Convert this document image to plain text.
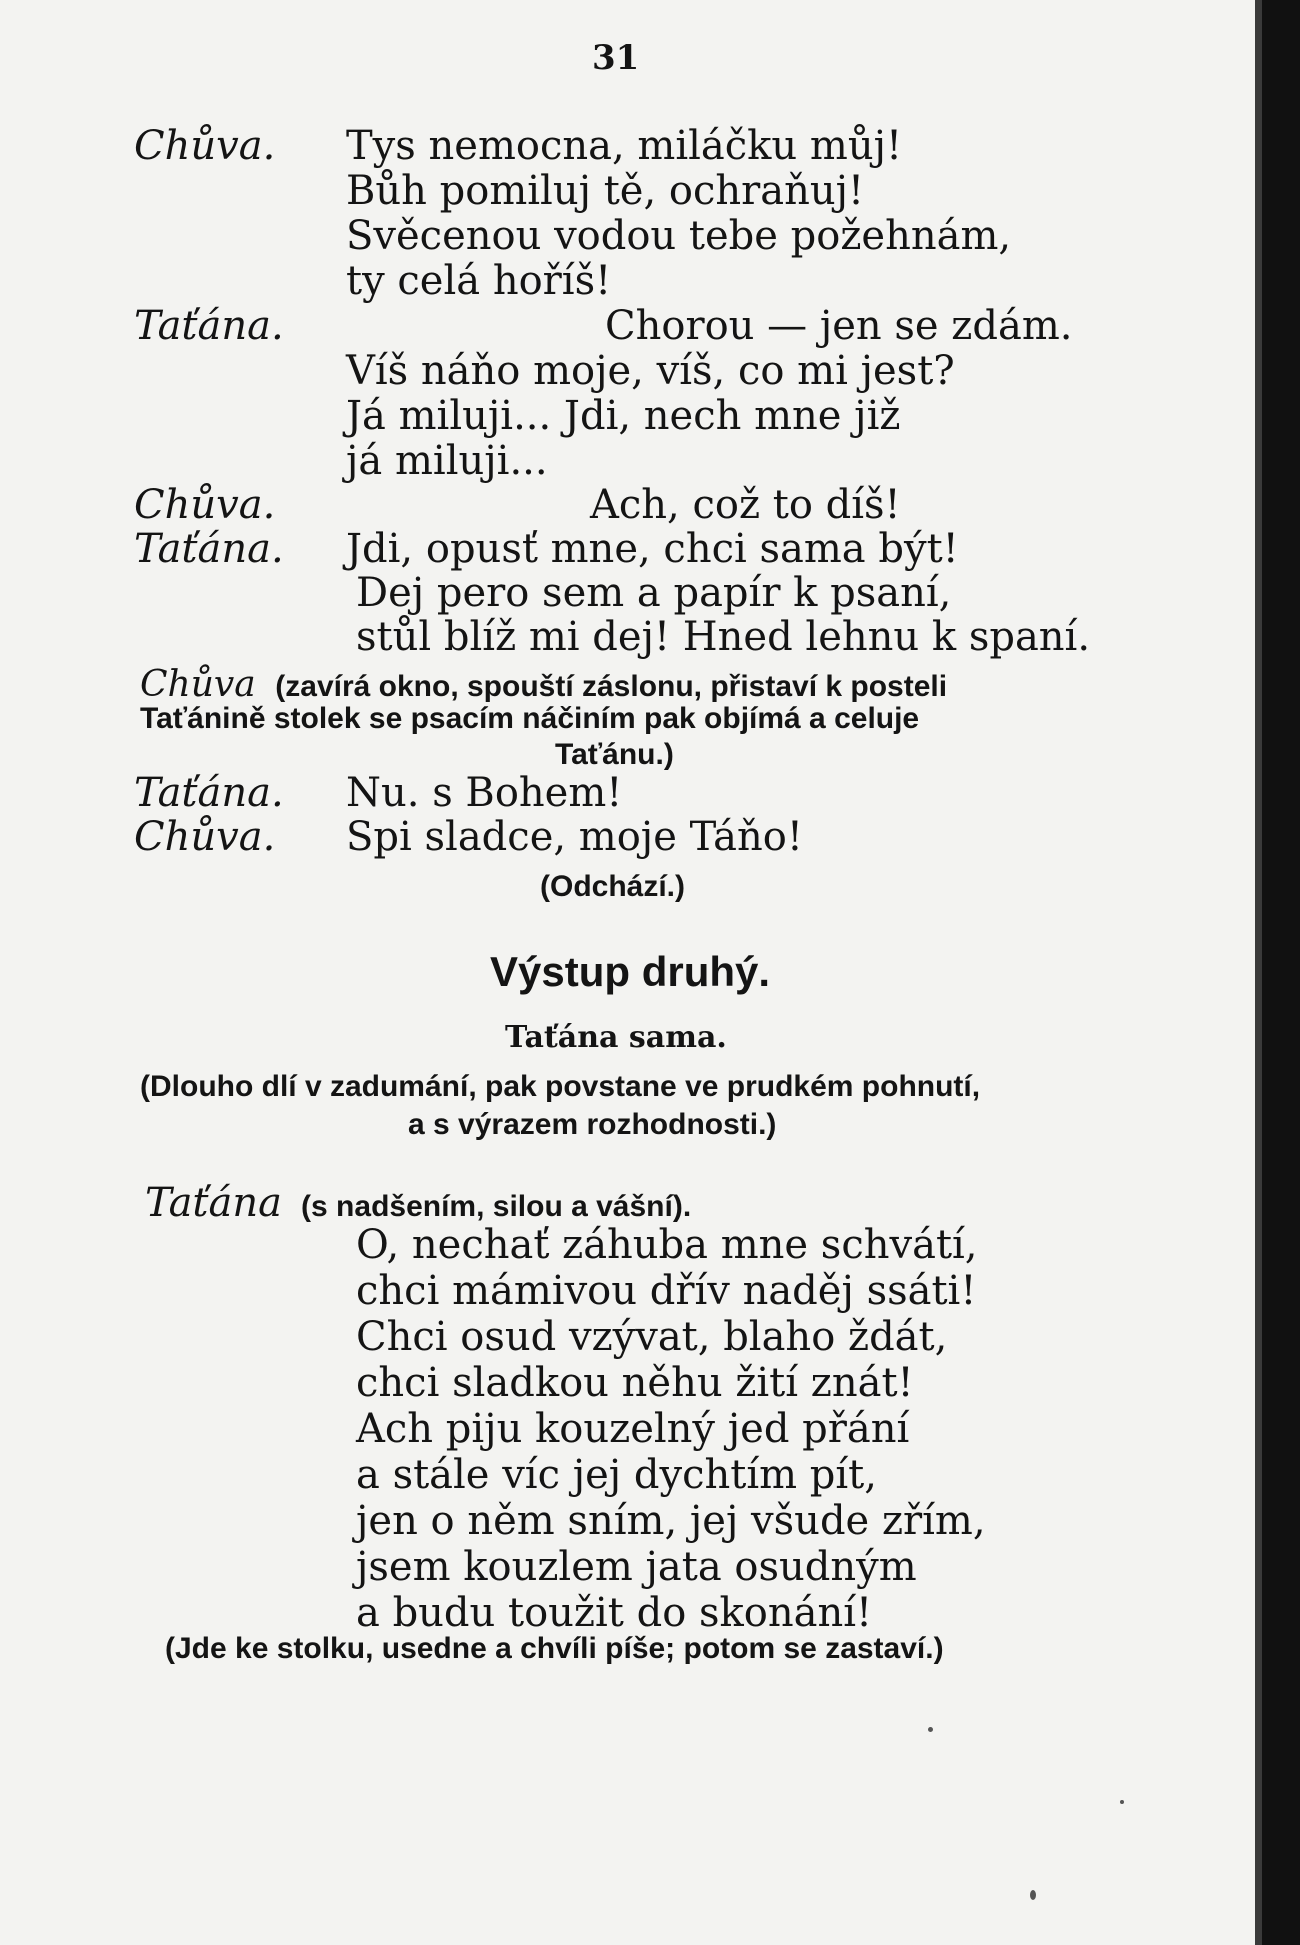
31
Chůva. Tys nemocna, miláčku můj!
Bůh pomiluj tě, ochraňuj!
Svěcenou vodou tebe požehnám,
ty celá hoříš!
Taťána.	Chorou — jen se zdám.
Víš náňo moje, víš, co mi jest?
Já miluji... Jdi, nech mne již
já miluji...
Chůva.	Ach, což to díš!
Taťána. Jdi, opusť mne, chci sama být!
Dej pero sem a papír k psaní,
stůl blíž mi dej! Hned lehnu k spaní.
Chůva (zavírá okno, spouští záslonu, přistaví k posteli
Taťánině stolek se psacím náčiním pak objímá a celuje
Taťánu.)
Taťána. Nu. s Bohem!
Chůva. Spi sladce, moje Táňo!
(Odchází.)
Výstup druhý.
Taťána sama.
(Dlouho dlí v zadumání, pak povstane ve prudkém pohnutí,
a s výrazem rozhodnosti.)
Taťána (s nadšením, silou a vášní).
O, nechať záhuba mne schvátí,
chci mámivou dřív naděj ssáti!
Chci osud vzývat, blaho ždát,
chci sladkou něhu žití znát!
Ach piju kouzelný jed přání
a stále víc jej dychtím pít,
jen o něm sním, jej všude zřím,
jsem kouzlem jata osudným
a budu toužit do skonání!
(Jde ke stolku, usedne a chvíli píše; potom se zastaví.)
